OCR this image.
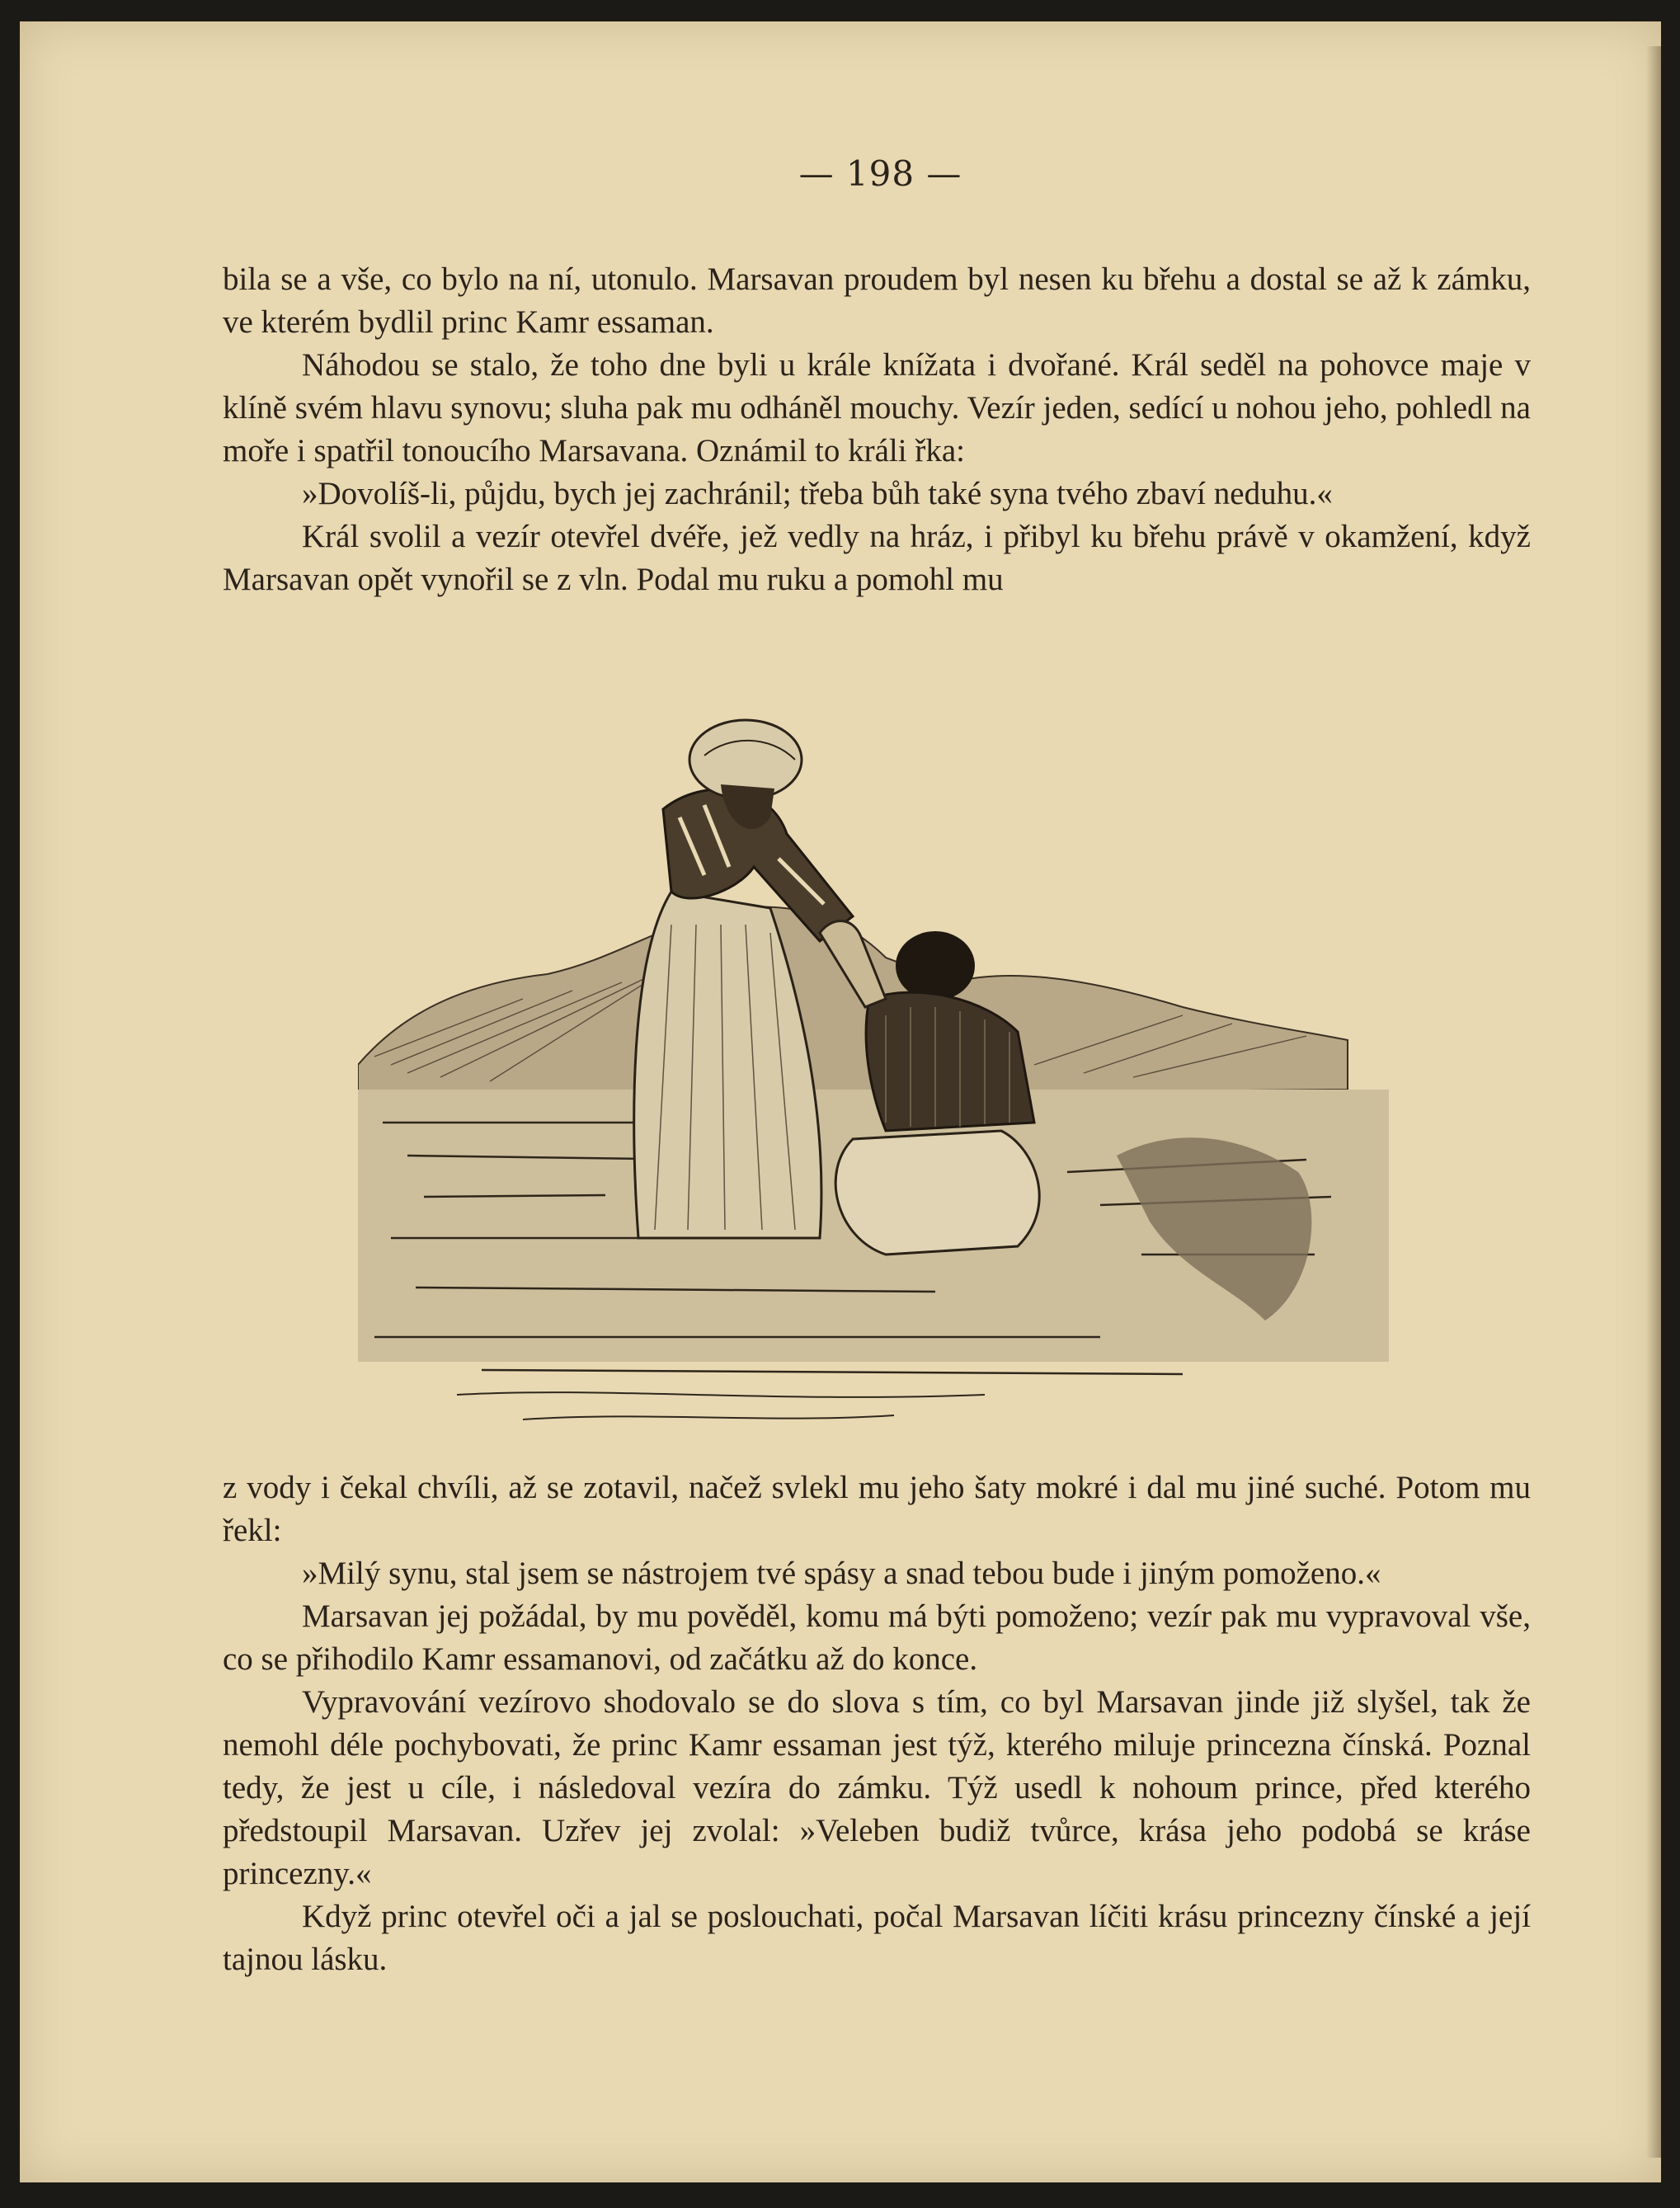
— 198 —

bila se a vše, co bylo na ní, utonulo. Marsavan proudem byl nesen ku břehu a dostal se až k zámku, ve kterém bydlil princ Kamr essaman.

Náhodou se stalo, že toho dne byli u krále knížata i dvořané. Král seděl na pohovce maje v klíně svém hlavu synovu; sluha pak mu odháněl mouchy. Vezír jeden, sedící u nohou jeho, pohledl na moře i spatřil tonoucího Marsavana. Oznámil to králi řka:

»Dovolíš-li, půjdu, bych jej zachránil; třeba bůh také syna tvého zbaví neduhu.«

Král svolil a vezír otevřel dvéře, jež vedly na hráz, i přibyl ku břehu právě v okamžení, když Marsavan opět vynořil se z vln. Podal mu ruku a pomohl mu

z vody i čekal chvíli, až se zotavil, načež svlekl mu jeho šaty mokré i dal mu jiné suché. Potom mu řekl:

»Milý synu, stal jsem se nástrojem tvé spásy a snad tebou bude i jiným pomoženo.«

Marsavan jej požádal, by mu pověděl, komu má býti pomoženo; vezír pak mu vypravoval vše, co se přihodilo Kamr essamanovi, od začátku až do konce.

Vypravování vezírovo shodovalo se do slova s tím, co byl Marsavan jinde již slyšel, tak že nemohl déle pochybovati, že princ Kamr essaman jest týž, kterého miluje princezna čínská. Poznal tedy, že jest u cíle, i následoval vezíra do zámku. Týž usedl k nohoum prince, před kterého předstoupil Marsavan. Uzřev jej zvolal: »Veleben budiž tvůrce, krása jeho podobá se kráse princezny.«

Když princ otevřel oči a jal se poslouchati, počal Marsavan líčiti krásu princezny čínské a její tajnou lásku.
